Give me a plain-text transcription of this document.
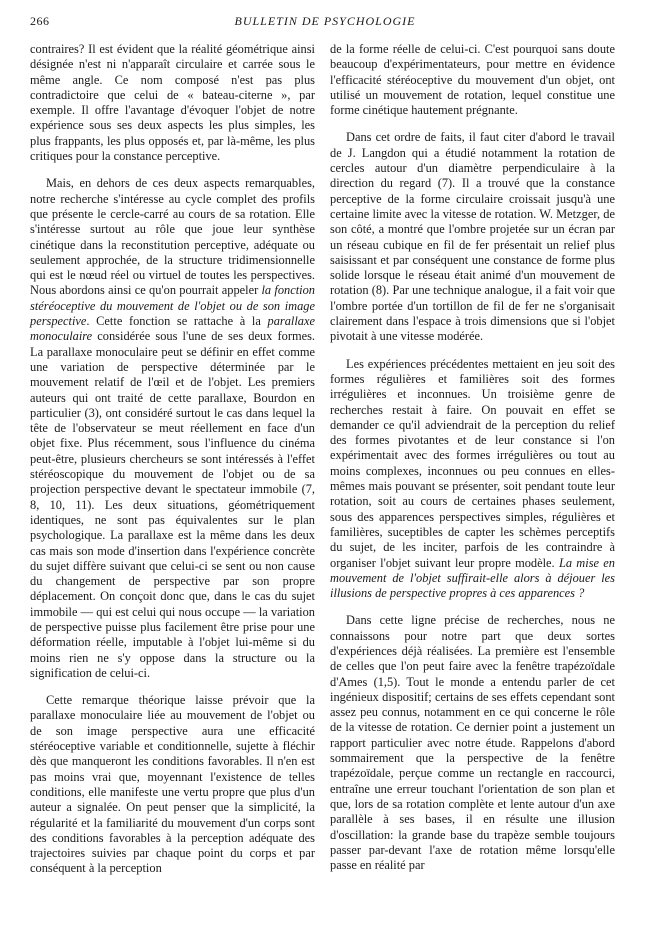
266	BULLETIN DE PSYCHOLOGIE

contraires? Il est évident que la réalité géométrique ainsi désignée n'est ni n'apparaît circulaire et carrée sous le même angle. Ce nom composé n'est pas plus contradictoire que celui de « bateau-citerne », par exemple. Il offre l'avantage d'évoquer l'objet de notre expérience sous ses deux aspects les plus simples, les plus frappants, les plus opposés et, par là-même, les plus critiques pour la constance perceptive.

Mais, en dehors de ces deux aspects remarquables, notre recherche s'intéresse au cycle complet des profils que présente le cercle-carré au cours de sa rotation. Elle s'intéresse surtout au rôle que joue leur synthèse cinétique dans la reconstitution perceptive, adéquate ou seulement approchée, de la structure tridimensionnelle qui est le nœud réel ou virtuel de toutes les perspectives. Nous abordons ainsi ce qu'on pourrait appeler la fonction stéréoceptive du mouvement de l'objet ou de son image perspective. Cette fonction se rattache à la parallaxe monoculaire considérée sous l'une de ses deux formes. La parallaxe monoculaire peut se définir en effet comme une variation de perspective déterminée par le mouvement relatif de l'œil et de l'objet. Les premiers auteurs qui ont traité de cette parallaxe, Bourdon en particulier (3), ont considéré surtout le cas dans lequel la tête de l'observateur se meut réellement en face d'un objet fixe. Plus récemment, sous l'influence du cinéma peut-être, plusieurs chercheurs se sont intéressés à l'effet stéréoscopique du mouvement de l'objet ou de sa projection perspective devant le spectateur immobile (7, 8, 10, 11). Les deux situations, géométriquement identiques, ne sont pas équivalentes sur le plan psychologique. La parallaxe est la même dans les deux cas mais son mode d'insertion dans l'expérience concrète du sujet diffère suivant que celui-ci se sent ou non cause du changement de perspective par son propre déplacement. On conçoit donc que, dans le cas du sujet immobile — qui est celui qui nous occupe — la variation de perspective puisse plus facilement être prise pour une déformation réelle, imputable à l'objet lui-même si du moins rien ne s'y oppose dans la structure ou la signification de celui-ci.

Cette remarque théorique laisse prévoir que la parallaxe monoculaire liée au mouvement de l'objet ou de son image perspective aura une efficacité stéréoceptive variable et conditionnelle, sujette à fléchir dès que manqueront les conditions favorables. Il n'en est pas moins vrai que, moyennant l'existence de telles conditions, elle manifeste une vertu propre que plus d'un auteur a signalée. On peut penser que la simplicité, la régularité et la familiarité du mouvement d'un corps sont des conditions favorables à la perception adéquate des trajectoires suivies par chaque point du corps et par conséquent à la perception

de la forme réelle de celui-ci. C'est pourquoi sans doute beaucoup d'expérimentateurs, pour mettre en évidence l'efficacité stéréoceptive du mouvement d'un objet, ont utilisé un mouvement de rotation, lequel constitue une forme cinétique hautement prégnante.

Dans cet ordre de faits, il faut citer d'abord le travail de J. Langdon qui a étudié notamment la rotation de cercles autour d'un diamètre perpendiculaire à la direction du regard (7). Il a trouvé que la constance perceptive de la forme circulaire croissait jusqu'à une certaine limite avec la vitesse de rotation. W. Metzger, de son côté, a montré que l'ombre projetée sur un écran par un réseau cubique en fil de fer présentait un relief plus saisissant et par conséquent une constance de forme plus solide lorsque le réseau était animé d'un mouvement de rotation (8). Par une technique analogue, il a fait voir que l'ombre portée d'un tortillon de fil de fer ne s'organisait clairement dans l'espace à trois dimensions que si l'objet pivotait à une vitesse modérée.

Les expériences précédentes mettaient en jeu soit des formes régulières et familières soit des formes irrégulières et inconnues. Un troisième genre de recherches restait à faire. On pouvait en effet se demander ce qu'il adviendrait de la perception du relief des formes pivotantes et de leur constance si l'on expérimentait avec des formes irrégulières ou tout au moins complexes, inconnues ou peu connues en elles-mêmes mais pouvant se présenter, soit pendant toute leur rotation, soit au cours de certaines phases seulement, sous des apparences perspectives simples, régulières et familières, suceptibles de capter les schèmes perceptifs du sujet, de les inciter, parfois de les contraindre à organiser l'objet suivant leur propre modèle. La mise en mouvement de l'objet suffirait-elle alors à déjouer les illusions de perspective propres à ces apparences ?

Dans cette ligne précise de recherches, nous ne connaissons pour notre part que deux sortes d'expériences déjà réalisées. La première est l'ensemble de celles que l'on peut faire avec la fenêtre trapézoïdale d'Ames (1,5). Tout le monde a entendu parler de cet ingénieux dispositif; certains de ses effets cependant sont assez peu connus, notamment en ce qui concerne le rôle de la vitesse de rotation. Ce dernier point a justement un rapport particulier avec notre étude. Rappelons d'abord sommairement que la perspective de la fenêtre trapézoïdale, perçue comme un rectangle en raccourci, entraîne une erreur touchant l'orientation de son plan et que, lors de sa rotation complète et lente autour d'un axe parallèle à ses bases, il en résulte une illusion d'oscillation: la grande base du trapèze semble toujours passer par-devant l'axe de rotation même lorsqu'elle passe en réalité par
